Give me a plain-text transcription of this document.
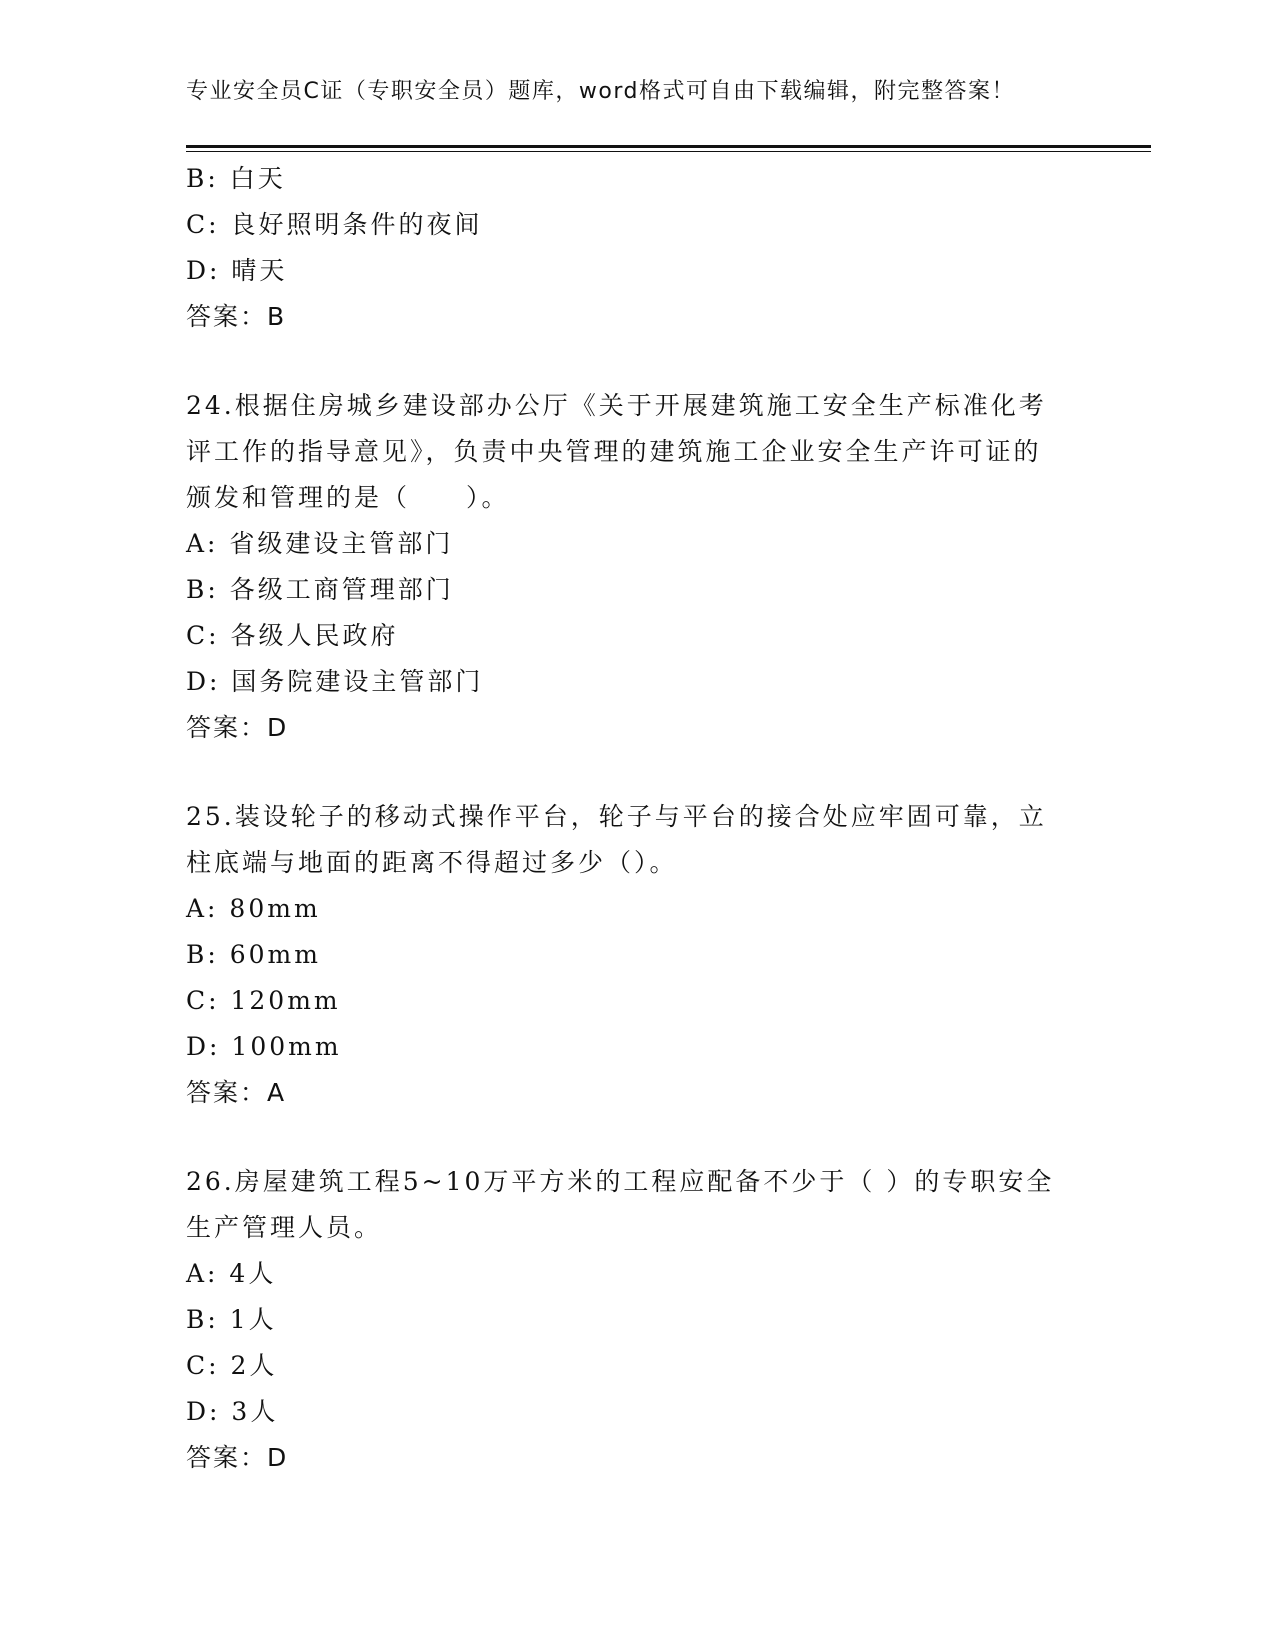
专业安全员C证（专职安全员）题库，word格式可自由下载编辑，附完整答案！
B: 白天
C: 良好照明条件的夜间
D: 晴天
答案：B
24.根据住房城乡建设部办公厅《关于开展建筑施工安全生产标准化考评工作的指导意见》，负责中央管理的建筑施工企业安全生产许可证的颁发和管理的是（　　）。
A: 省级建设主管部门
B: 各级工商管理部门
C: 各级人民政府
D: 国务院建设主管部门
答案：D
25.装设轮子的移动式操作平台，轮子与平台的接合处应牢固可靠，立柱底端与地面的距离不得超过多少（）。
A: 80mm
B: 60mm
C: 120mm
D: 100mm
答案：A
26.房屋建筑工程5~10万平方米的工程应配备不少于（ ）的专职安全生产管理人员。
A: 4人
B: 1人
C: 2人
D: 3人
答案：D
